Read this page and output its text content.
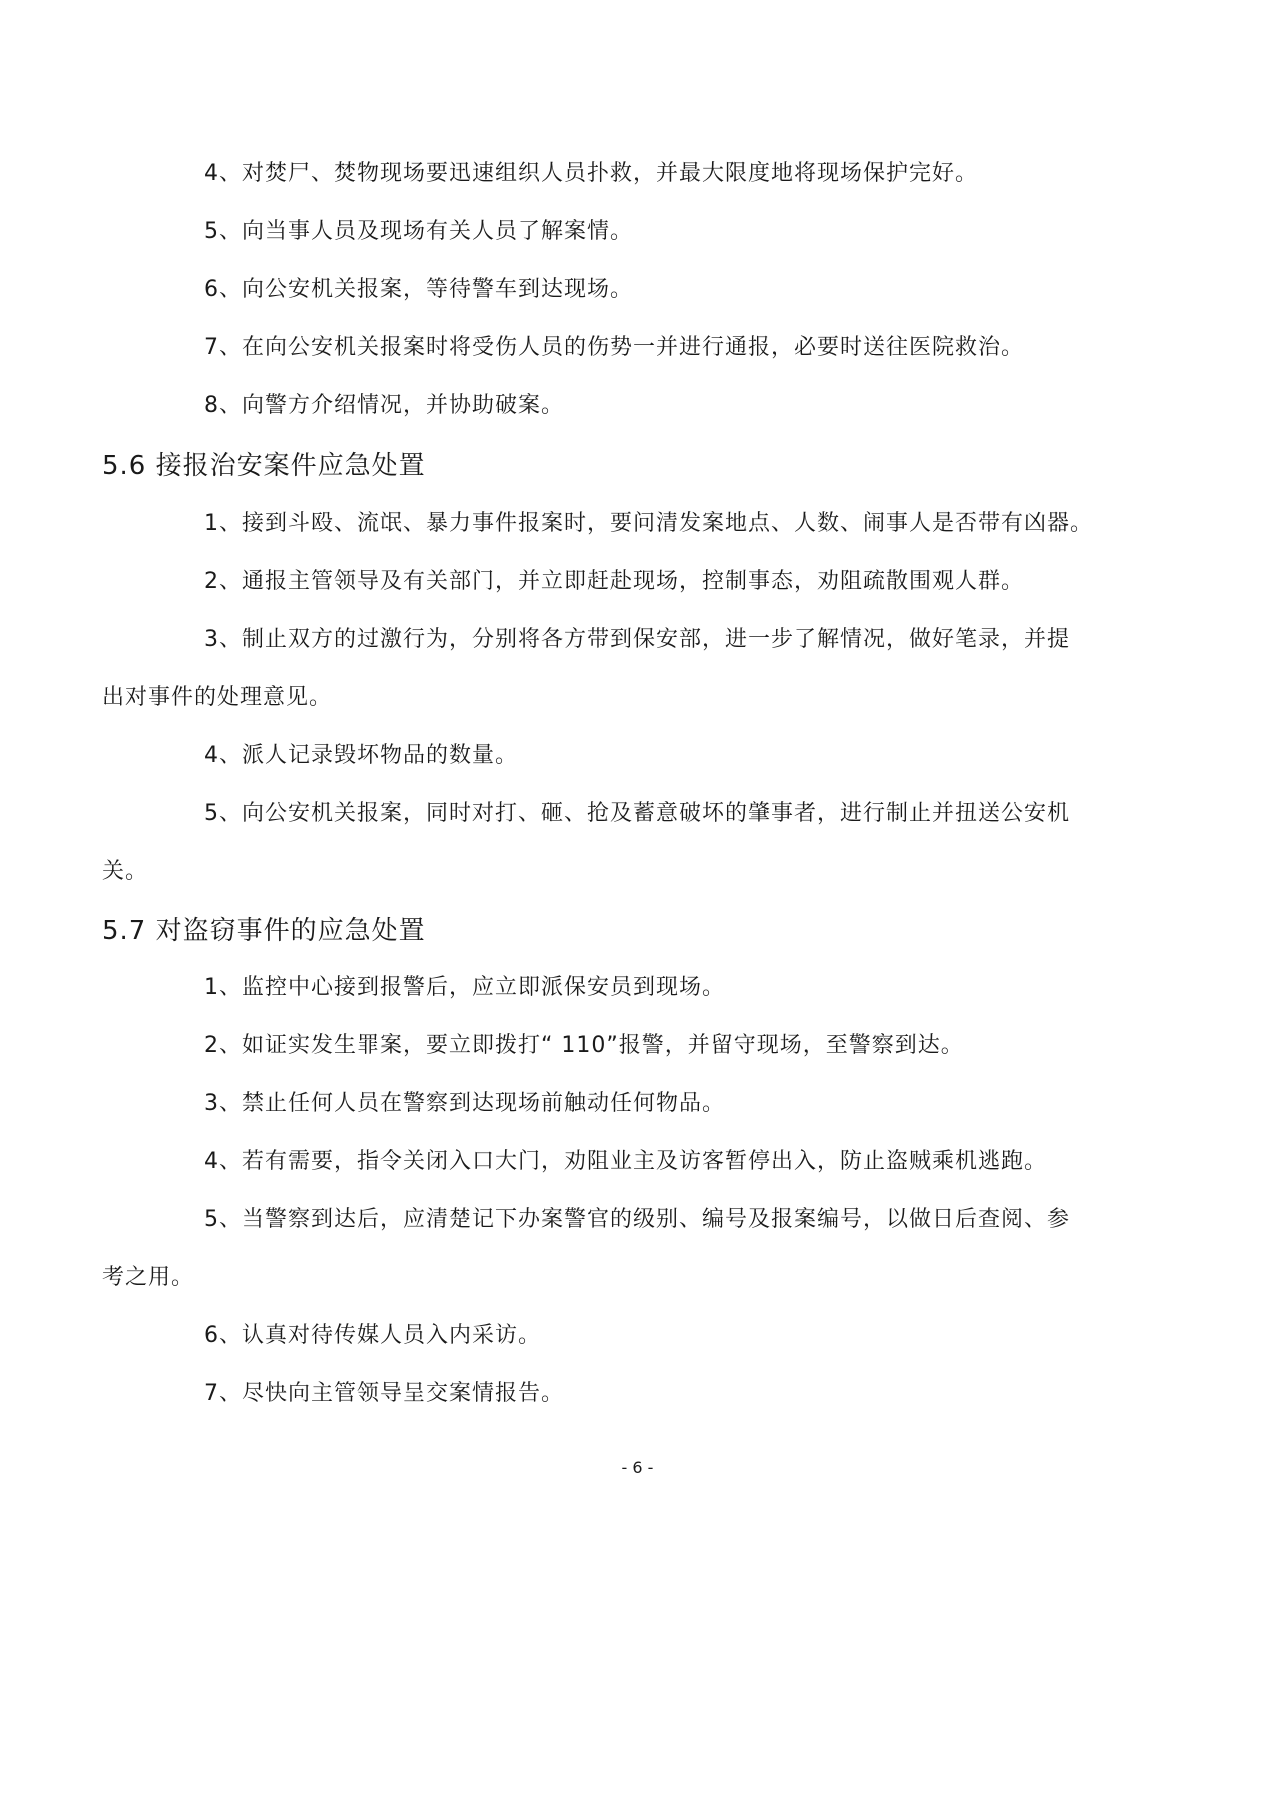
4、对焚尸、焚物现场要迅速组织人员扑救，并最大限度地将现场保护完好。
5、向当事人员及现场有关人员了解案情。
6、向公安机关报案，等待警车到达现场。
7、在向公安机关报案时将受伤人员的伤势一并进行通报，必要时送往医院救治。
8、向警方介绍情况，并协助破案。
5.6 接报治安案件应急处置
1、接到斗殴、流氓、暴力事件报案时，要问清发案地点、人数、闹事人是否带有凶器。
2、通报主管领导及有关部门，并立即赶赴现场，控制事态，劝阻疏散围观人群。
3、制止双方的过激行为，分别将各方带到保安部，进一步了解情况，做好笔录，并提
出对事件的处理意见。
4、派人记录毁坏物品的数量。
5、向公安机关报案，同时对打、砸、抢及蓄意破坏的肇事者，进行制止并扭送公安机
关。
5.7 对盗窃事件的应急处置
1、监控中心接到报警后，应立即派保安员到现场。
2、如证实发生罪案，要立即拨打“ 110”报警，并留守现场，至警察到达。
3、禁止任何人员在警察到达现场前触动任何物品。
4、若有需要，指令关闭入口大门，劝阻业主及访客暂停出入，防止盗贼乘机逃跑。
5、当警察到达后，应清楚记下办案警官的级别、编号及报案编号，以做日后查阅、参
考之用。
6、认真对待传媒人员入内采访。
7、尽快向主管领导呈交案情报告。
- 6 -
